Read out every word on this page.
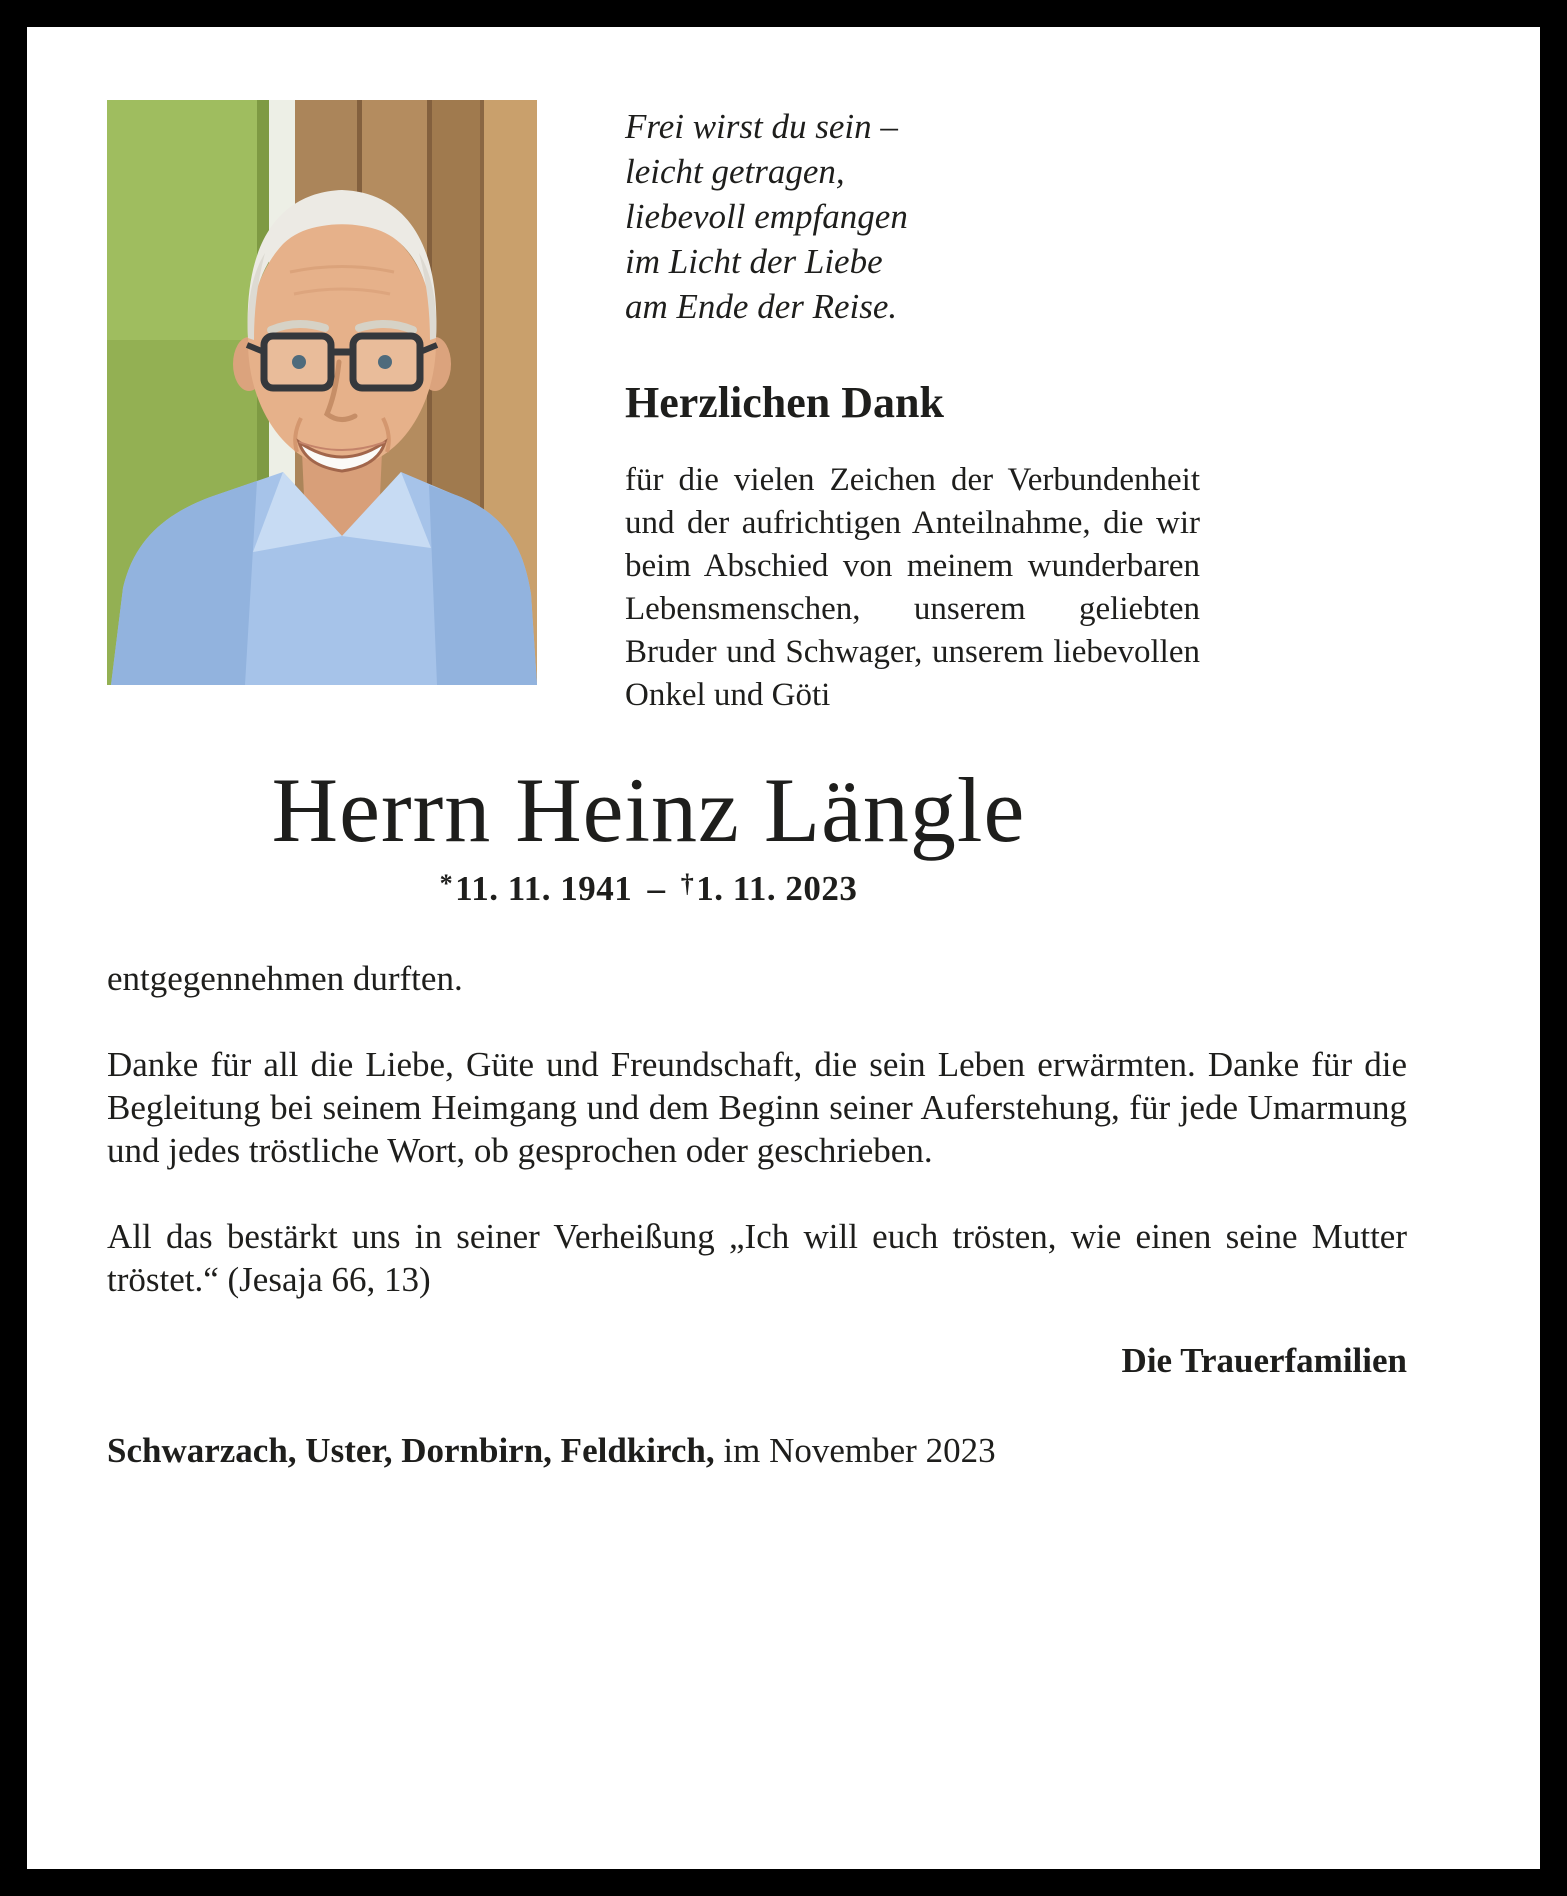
Frei wirst du sein –
leicht getragen,
liebevoll empfangen
im Licht der Liebe
am Ende der Reise.
Herzlichen Dank

für die vielen Zeichen der Verbundenheit und der aufrichtigen Anteilnahme, die wir beim Abschied von meinem wunderbaren Lebensmenschen, unserem geliebten Bruder und Schwager, unserem liebevollen Onkel und Göti

Herrn Heinz Längle
*11. 11. 1941 – †1. 11. 2023

entgegennehmen durften.

Danke für all die Liebe, Güte und Freundschaft, die sein Leben erwärmten. Danke für die Begleitung bei seinem Heimgang und dem Beginn seiner Auferstehung, für jede Umarmung und jedes tröstliche Wort, ob gesprochen oder geschrieben.

All das bestärkt uns in seiner Verheißung „Ich will euch trösten, wie einen seine Mutter tröstet.“ (Jesaja 66, 13)

Die Trauerfamilien

Schwarzach, Uster, Dornbirn, Feldkirch, im November 2023
